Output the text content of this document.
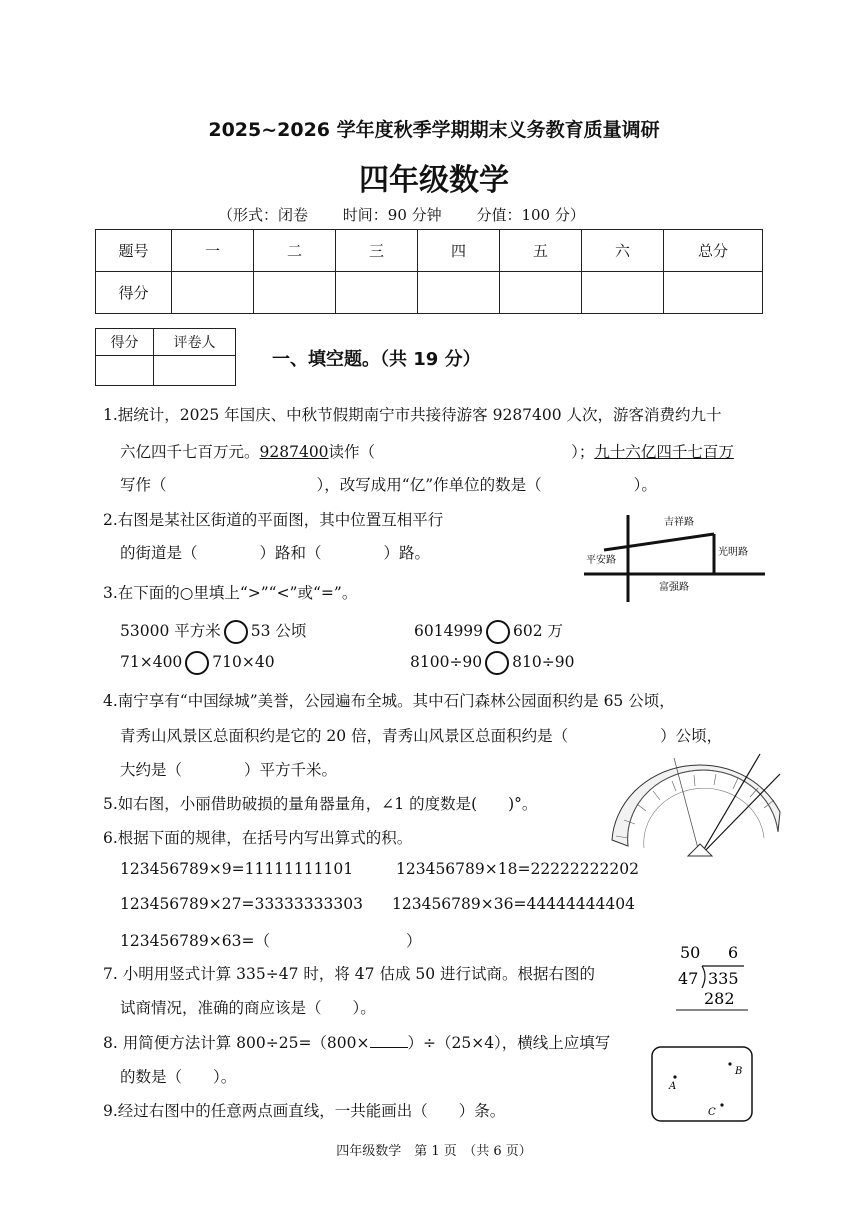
2025~2026 学年度秋季学期期末义务教育质量调研
四年级数学
（形式：闭卷 时间：90 分钟 分值：100 分）
题号	一	二	三	四	五	六	总分
得分							
得分	评卷人

一、填空题。（共 19 分）
1.据统计，2025 年国庆、中秋节假期南宁市共接待游客 9287400 人次，游客消费约九十
六亿四千七百万元。9287400读作（	）；九十六亿四千七百万
写作（	），改写成用“亿”作单位的数是（	）。
2.右图是某社区街道的平面图，其中位置互相平行
的街道是（　　　　）路和（　　　　）路。
吉祥路
平安路
光明路
富强路
3.在下面的○里填上“>”“<”或“=”。
53000 平方米 53 公顷	6014999 602 万
71×400 710×40	8100÷90 810÷90
4.南宁享有“中国绿城”美誉，公园遍布全城。其中石门森林公园面积约是 65 公顷，
青秀山风景区总面积约是它的 20 倍，青秀山风景区总面积约是（	）公顷，
大约是（　　　　）平方千米。
5.如右图，小丽借助破损的量角器量角，∠1 的度数是(　　)°。
6.根据下面的规律，在括号内写出算式的积。
123456789×9=11111111101	123456789×18=22222222202
123456789×27=33333333303 123456789×36=44444444404
123456789×63=（	）
50 6
47 335
282
7. 小明用竖式计算 335÷47 时，将 47 估成 50 进行试商。根据右图的
试商情况，准确的商应该是（　　）。
8. 用简便方法计算 800÷25=（800× ）÷（25×4），横线上应填写
的数是（　　）。
9.经过右图中的任意两点画直线，一共能画出（　　）条。
A
B
C
四年级数学　第 1 页　（共 6 页）
